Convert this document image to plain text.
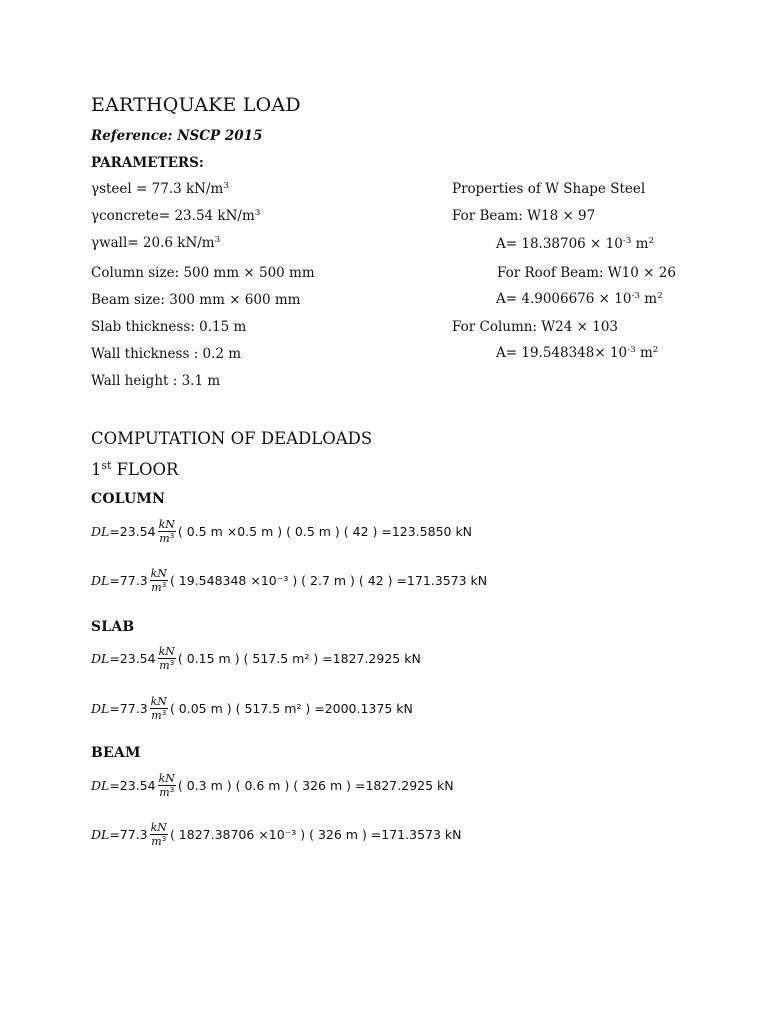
EARTHQUAKE LOAD
Reference: NSCP 2015
PARAMETERS:
γsteel = 77.3 $kN/m^3$
γconcrete= 23.54 $kN/m^3$
γwall= 20.6 $kN/m^3$
Column size: 500 mm × 500 mm
Beam size: 300 mm × 600 mm
Slab thickness: 0.15 m
Wall thickness : 0.2 m
Wall height : 3.1 m
Properties of W Shape Steel
For Beam: W18 × 97
$A= 18.38706 \times 10^{-3}$ $m^2$
For Roof Beam: W10 × 26
$A= 4.9006676 \times 10^{-3}$ $m^2$
For Column: W24 × 103
$A= 19.548348\times 10^{-3}$ $m^2$
COMPUTATION OF DEADLOADS
1st FLOOR
COLUMN
DL $=23.54 \frac{kN}{m^3}$ ( 0.5 m ×0.5 m ) ( 0.5 m ) ( 42 ) =123.5850 kN
DL $=77.3 \frac{kN}{m^3}$ ( 19.548348 ×10⁻³ ) ( 2.7 m ) ( 42 ) =171.3573 kN
SLAB
DL $=23.54 \frac{kN}{m^3}$ ( 0.15 m ) ( 517.5 m² ) =1827.2925 kN
DL $=77.3 \frac{kN}{m^3}$ ( 0.05 m ) ( 517.5 m² ) =2000.1375 kN
BEAM
DL $=23.54 \frac{kN}{m^3}$ ( 0.3 m ) ( 0.6 m ) ( 326 m ) =1827.2925 kN
DL $=77.3 \frac{kN}{m^3}$ ( 1827.38706 ×10⁻³ ) ( 326 m ) =171.3573 kN
